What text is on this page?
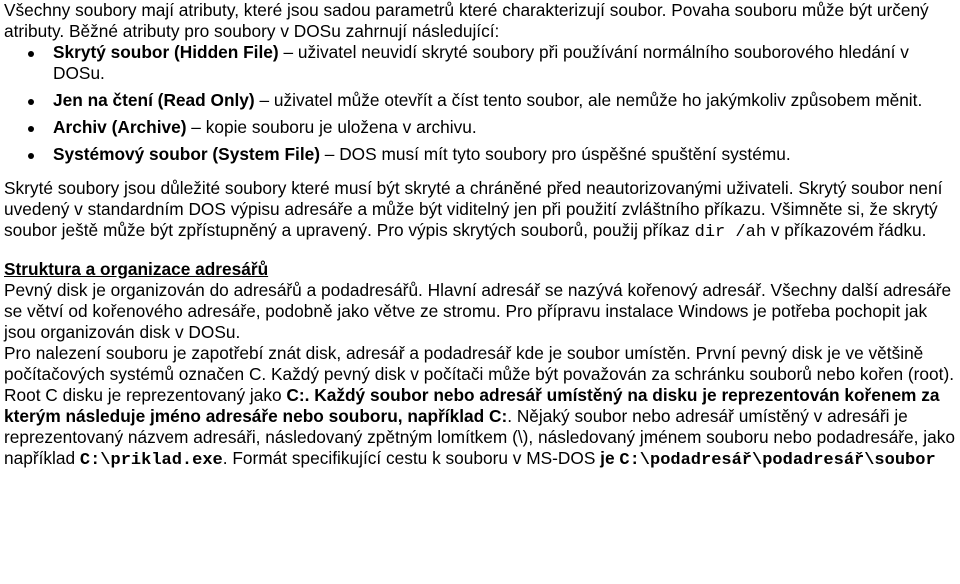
Všechny soubory mají atributy, které jsou sadou parametrů které charakterizují soubor. Povaha souboru může být určený atributy. Běžné atributy pro soubory v DOSu zahrnují následující:

Skrytý soubor (Hidden File) – uživatel neuvidí skryté soubory při používání normálního souborového hledání v DOSu.
Jen na čtení (Read Only) – uživatel může otevřít a číst tento soubor, ale nemůže ho jakýmkoliv způsobem měnit.
Archiv (Archive) – kopie souboru je uložena v archivu.
Systémový soubor (System File) – DOS musí mít tyto soubory pro úspěšné spuštění systému.

Skryté soubory jsou důležité soubory které musí být skryté a chráněné před neautorizovanými uživateli. Skrytý soubor není uvedený v standardním DOS výpisu adresáře a může být viditelný jen při použití zvláštního příkazu. Všimněte si, že skrytý soubor ještě může být zpřístupněný a upravený. Pro výpis skrytých souborů, použij příkaz dir /ah v příkazovém řádku.

Struktura a organizace adresářů

Pevný disk je organizován do adresářů a podadresářů. Hlavní adresář se nazývá kořenový adresář. Všechny další adresáře se větví od kořenového adresáře, podobně jako větve ze stromu. Pro přípravu instalace Windows je potřeba pochopit jak jsou organizován disk v DOSu.

Pro nalezení souboru je zapotřebí znát disk, adresář a podadresář kde je soubor umístěn. První pevný disk je ve většině počítačových systémů označen C. Každý pevný disk v počítači může být považován za schránku souborů nebo kořen (root). Root C disku je reprezentovaný jako C:. Každý soubor nebo adresář umístěný na disku je reprezentován kořenem za kterým následuje jméno adresáře nebo souboru, například C:. Nějaký soubor nebo adresář umístěný v adresáři je reprezentovaný názvem adresáři, následovaný zpětným lomítkem (\), následovaný jménem souboru nebo podadresáře, jako například C:\priklad.exe. Formát specifikující cestu k souboru v MS-DOS je C:\podadresář\podadresář\soubor
